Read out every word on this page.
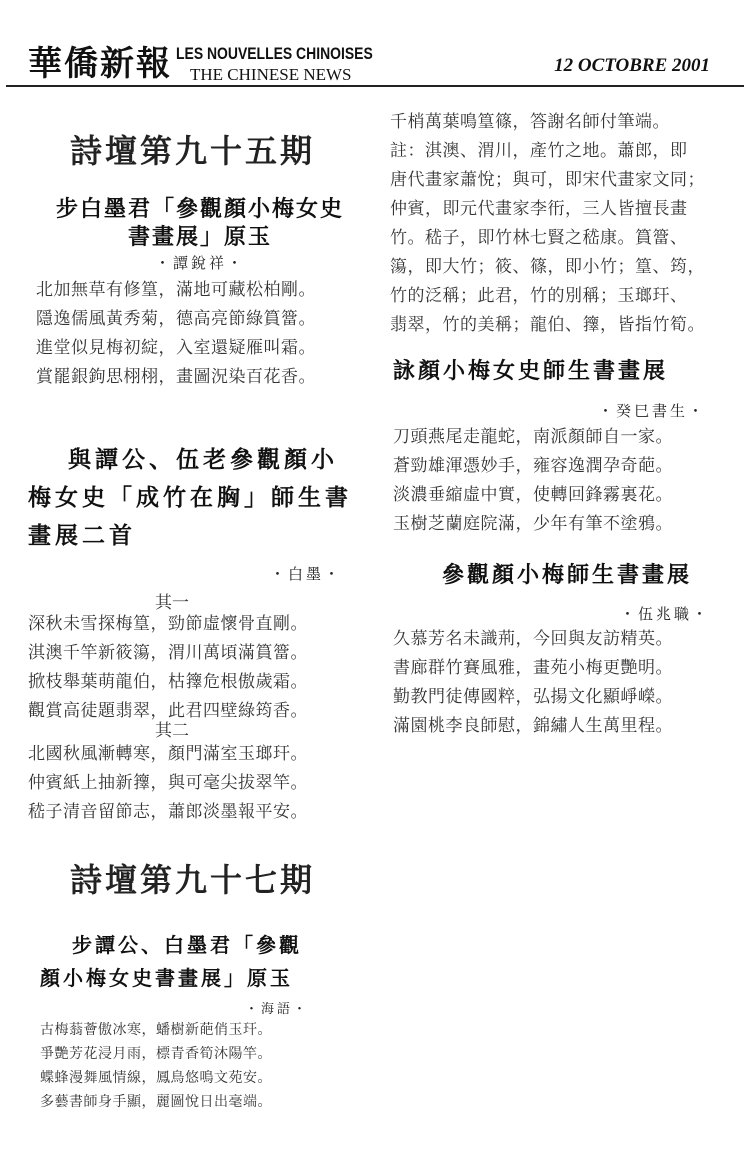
華僑新報 LES NOUVELLES CHINOISES
THE CHINESE NEWS	12 OCTOBRE 2001
詩壇第九十五期
步白墨君「參觀顏小梅女史
書畫展」原玉
・譚銳祥・
北加無草有修篁，滿地可藏松柏剛。
隱逸儒風黃秀菊，德高亮節綠篔簹。
進堂似見梅初綻，入室還疑雁叫霜。
賞罷銀鉤思栩栩，畫圖況染百花香。
與譚公、伍老參觀顏小
梅女史「成竹在胸」師生書
畫展二首
・白墨・
其一
深秋未雪探梅篁，勁節虛懷骨直剛。
淇澳千竿新筱簜，渭川萬頃滿篔簹。
掀枝舉葉萌龍伯，枯籜危根傲歲霜。
觀賞高徒題翡翠，此君四壁綠筠香。
其二
北國秋風漸轉寒，顏門滿室玉瑯玕。
仲賓紙上抽新籜，與可毫尖拔翠竿。
嵇子清音留節志，蕭郎淡墨報平安。
詩壇第九十七期
步譚公、白墨君「參觀
顏小梅女史書畫展」原玉
・海語・
古梅蓊薈傲冰寒，蟠樹新葩俏玉玕。
爭艷芳花浸月雨，標青香筍沐陽竿。
蝶蜂漫舞風情線，鳳鳥悠鳴文苑安。
多藝書師身手顯，麗圖悅日出毫端。
千梢萬葉鳴篁篠，答謝名師付筆端。
註：淇澳、渭川，產竹之地。蕭郎，即
唐代畫家蕭悅；與可，即宋代畫家文同；
仲賓，即元代畫家李衎，三人皆擅長畫
竹。嵇子，即竹林七賢之嵇康。篔簹、
簜，即大竹；筱、篠，即小竹；篁、筠，
竹的泛稱；此君，竹的別稱；玉瑯玕、
翡翠，竹的美稱；龍伯、籜，皆指竹筍。
詠顏小梅女史師生書畫展
・癸巳書生・
刀頭燕尾走龍蛇，南派顏師自一家。
蒼勁雄渾憑妙手，雍容逸潤孕奇葩。
淡濃垂縮虛中實，使轉回鋒霧裏花。
玉樹芝蘭庭院滿，少年有筆不塗鴉。
參觀顏小梅師生書畫展
・伍兆職・
久慕芳名未識荊，今回與友訪精英。
書廊群竹賽風雅，畫苑小梅更艷明。
勤教門徒傳國粹，弘揚文化顯崢嶸。
滿園桃李良師慰，錦繡人生萬里程。
